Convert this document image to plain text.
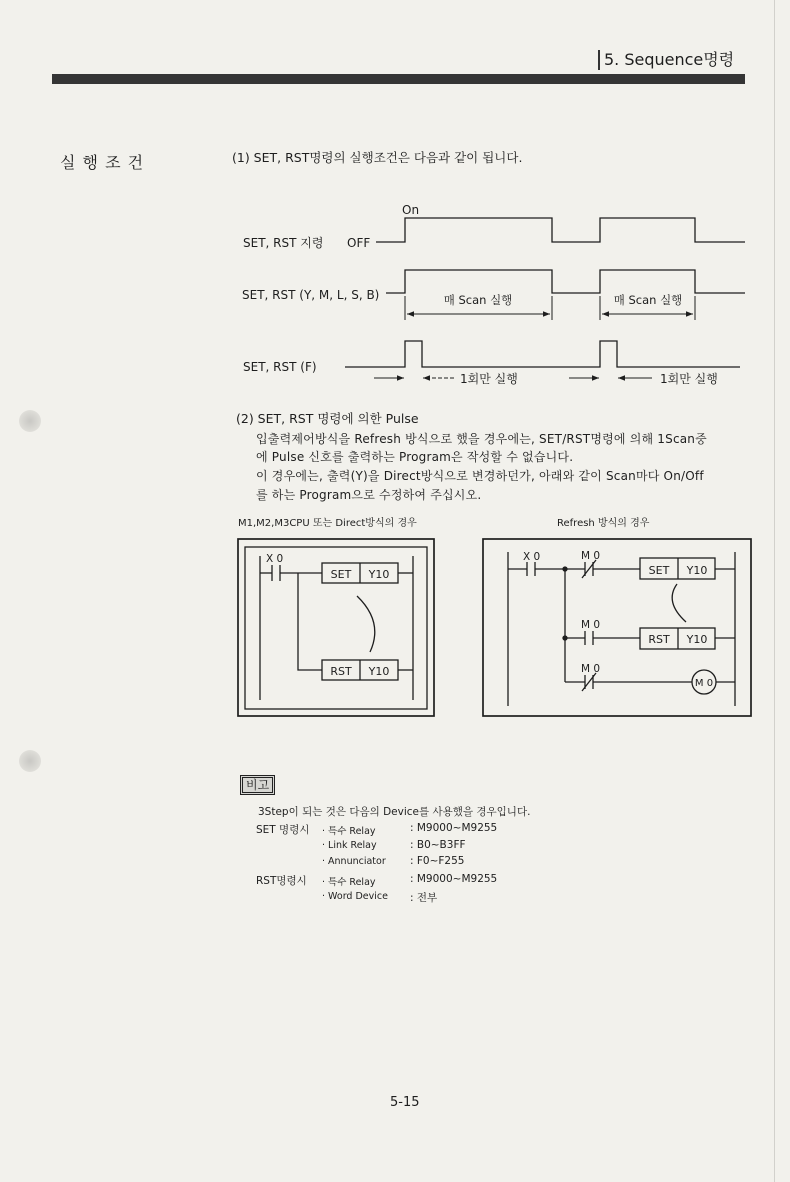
5. Sequence명령
실 행 조 건	(1) SET, RST명령의 실행조건은 다음과 같이 됩니다.
On
SET, RST 지령 OFF
SET, RST (Y, M, L, S, B)	매 Scan 실행	매 Scan 실행
SET, RST (F)
1회만 실행	1회만 실행
(2) SET, RST 명령에 의한 Pulse
입출력제어방식을 Refresh 방식으로 했을 경우에는, SET/RST명령에 의해 1Scan중
에 Pulse 신호를 출력하는 Program은 작성할 수 없습니다.
이 경우에는, 출력(Y)을 Direct방식으로 변경하던가, 아래와 같이 Scan마다 On/Off
를 하는 Program으로 수정하여 주십시오.
M1,M2,M3CPU 또는 Direct방식의 경우	Refresh 방식의 경우
X 0
SET Y10
RST Y10
X 0	M 0
SET Y10
M 0
RST Y10
M 0
M 0
비고
3Step이 되는 것은 다음의 Device를 사용했을 경우입니다.
SET 명령시 · 특수 Relay	: M9000~M9255
· Link Relay	: B0~B3FF
· Annunciator : F0~F255
RST명령시 · 특수 Relay	: M9000~M9255
· Word Device : 전부
5-15
